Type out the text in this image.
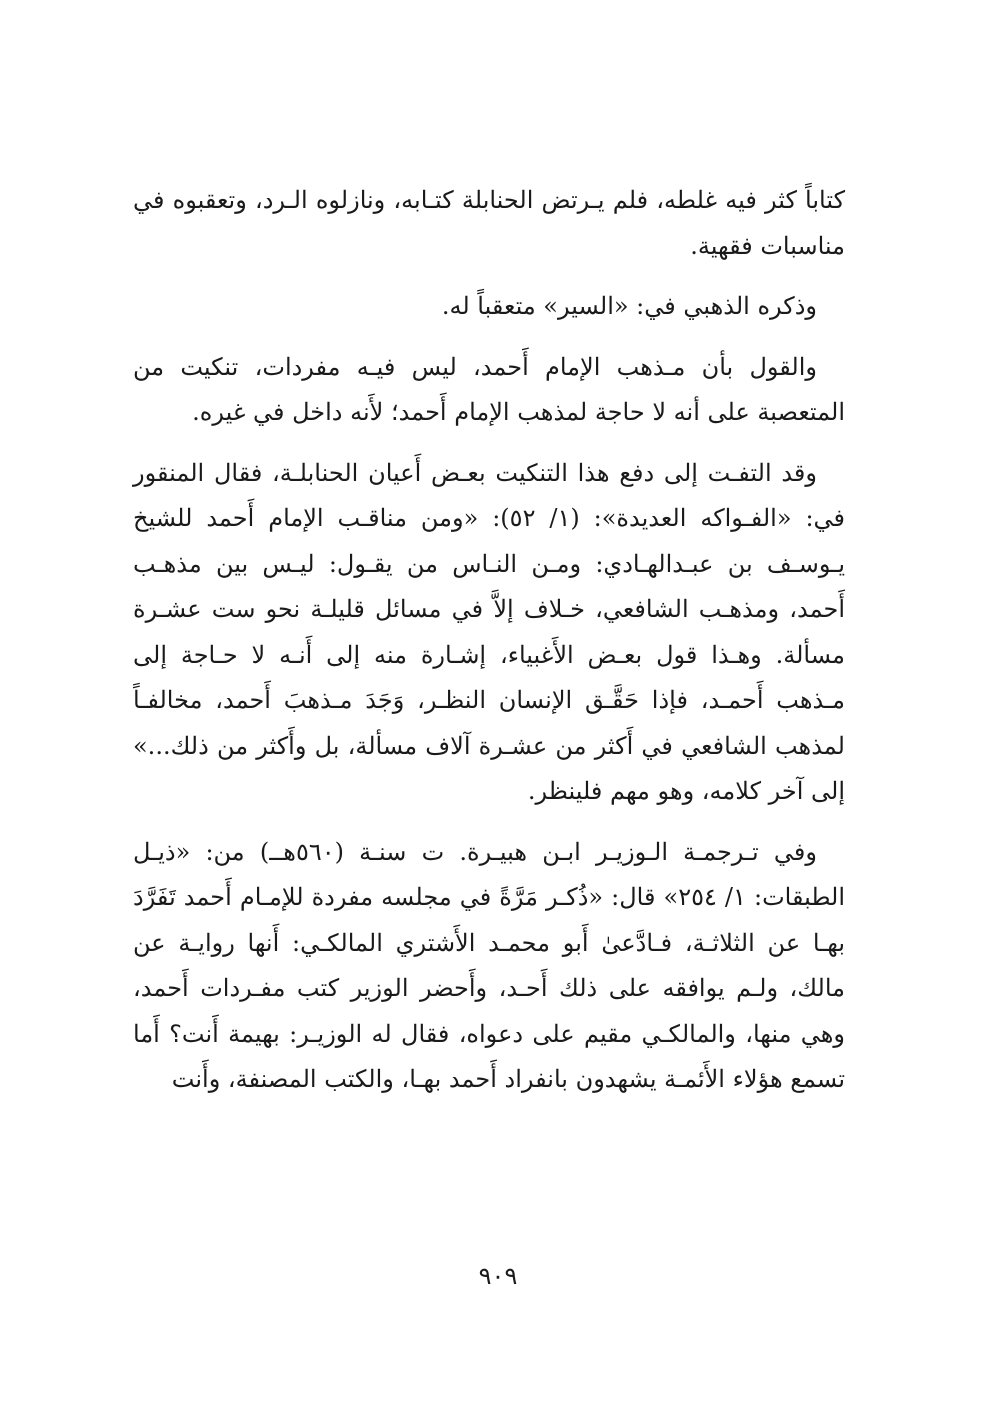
كتاباً كثر فيه غلطه، فلم يـرتض الحنابلة كتـابه، ونازلوه الـرد، وتعقبوه في مناسبات فقهية.

وذكره الذهبي في: «السير» متعقباً له.

والقول بأن مـذهب الإمام أَحمد، ليس فيـه مفردات، تنكيت من المتعصبة على أنه لا حاجة لمذهب الإمام أَحمد؛ لأَنه داخل في غيره.

وقد التفـت إلى دفع هذا التنكيت بعـض أَعيان الحنابلـة، فقال المنقور في: «الفـواكه العديدة»: (١/ ٥٢): «ومن مناقـب الإمام أَحمد للشيخ يـوسـف بن عبـدالهـادي: ومـن النـاس من يقـول: ليـس بين مذهـب أَحمد، ومذهـب الشافعي، خـلاف إلاَّ في مسائل قليلـة نحو ست عشـرة مسألة. وهـذا قول بعـض الأَغبياء، إشـارة منه إلى أَنـه لا حـاجة إلى مـذهب أَحمـد، فإذا حَقَّـق الإنسان النظـر، وَجَدَ مـذهبَ أَحمد، مخالفـاً لمذهب الشافعي في أَكثر من عشـرة آلاف مسألة، بل وأَكثر من ذلك...» إلى آخر كلامه، وهو مهم فلينظر.

وفي تـرجمـة الـوزيـر ابـن هبيـرة. ت سنـة (٥٦٠هــ) من: «ذيـل الطبقات: ١/ ٢٥٤» قال: «ذُكـر مَرَّةً في مجلسه مفردة للإمـام أَحمد تَفَرَّدَ بهـا عن الثلاثـة، فـادَّعىٰ أَبو محمـد الأَشتري المالكـي: أَنها روايـة عن مالك، ولـم يوافقه على ذلك أَحـد، وأَحضر الوزير كتب مفـردات أَحمد، وهي منها، والمالكـي مقيم على دعواه، فقال له الوزيـر: بهيمة أَنت؟ أَما تسمع هؤلاء الأَئمـة يشهدون بانفراد أَحمد بهـا، والكتب المصنفة، وأَنت

٩٠٩
